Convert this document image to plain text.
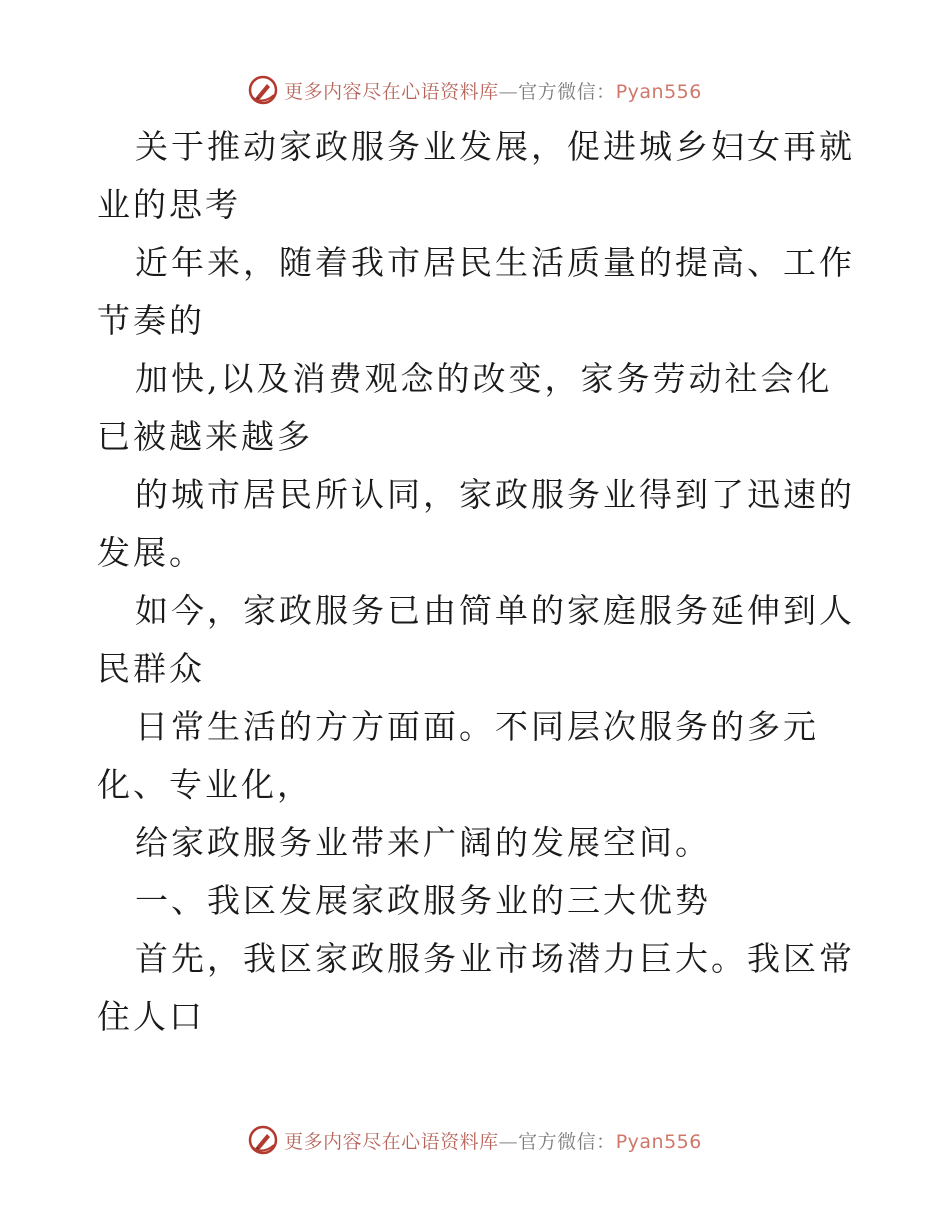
更多内容尽在心语资料库—官方微信：Pyan556

关于推动家政服务业发展，促进城乡妇女再就业的思考

近年来，随着我市居民生活质量的提高、工作节奏的

加快,以及消费观念的改变，家务劳动社会化已被越来越多

的城市居民所认同，家政服务业得到了迅速的发展。

如今，家政服务已由简单的家庭服务延伸到人民群众

日常生活的方方面面。不同层次服务的多元化、专业化，

给家政服务业带来广阔的发展空间。

一、我区发展家政服务业的三大优势

首先，我区家政服务业市场潜力巨大。我区常住人口

更多内容尽在心语资料库—官方微信：Pyan556
